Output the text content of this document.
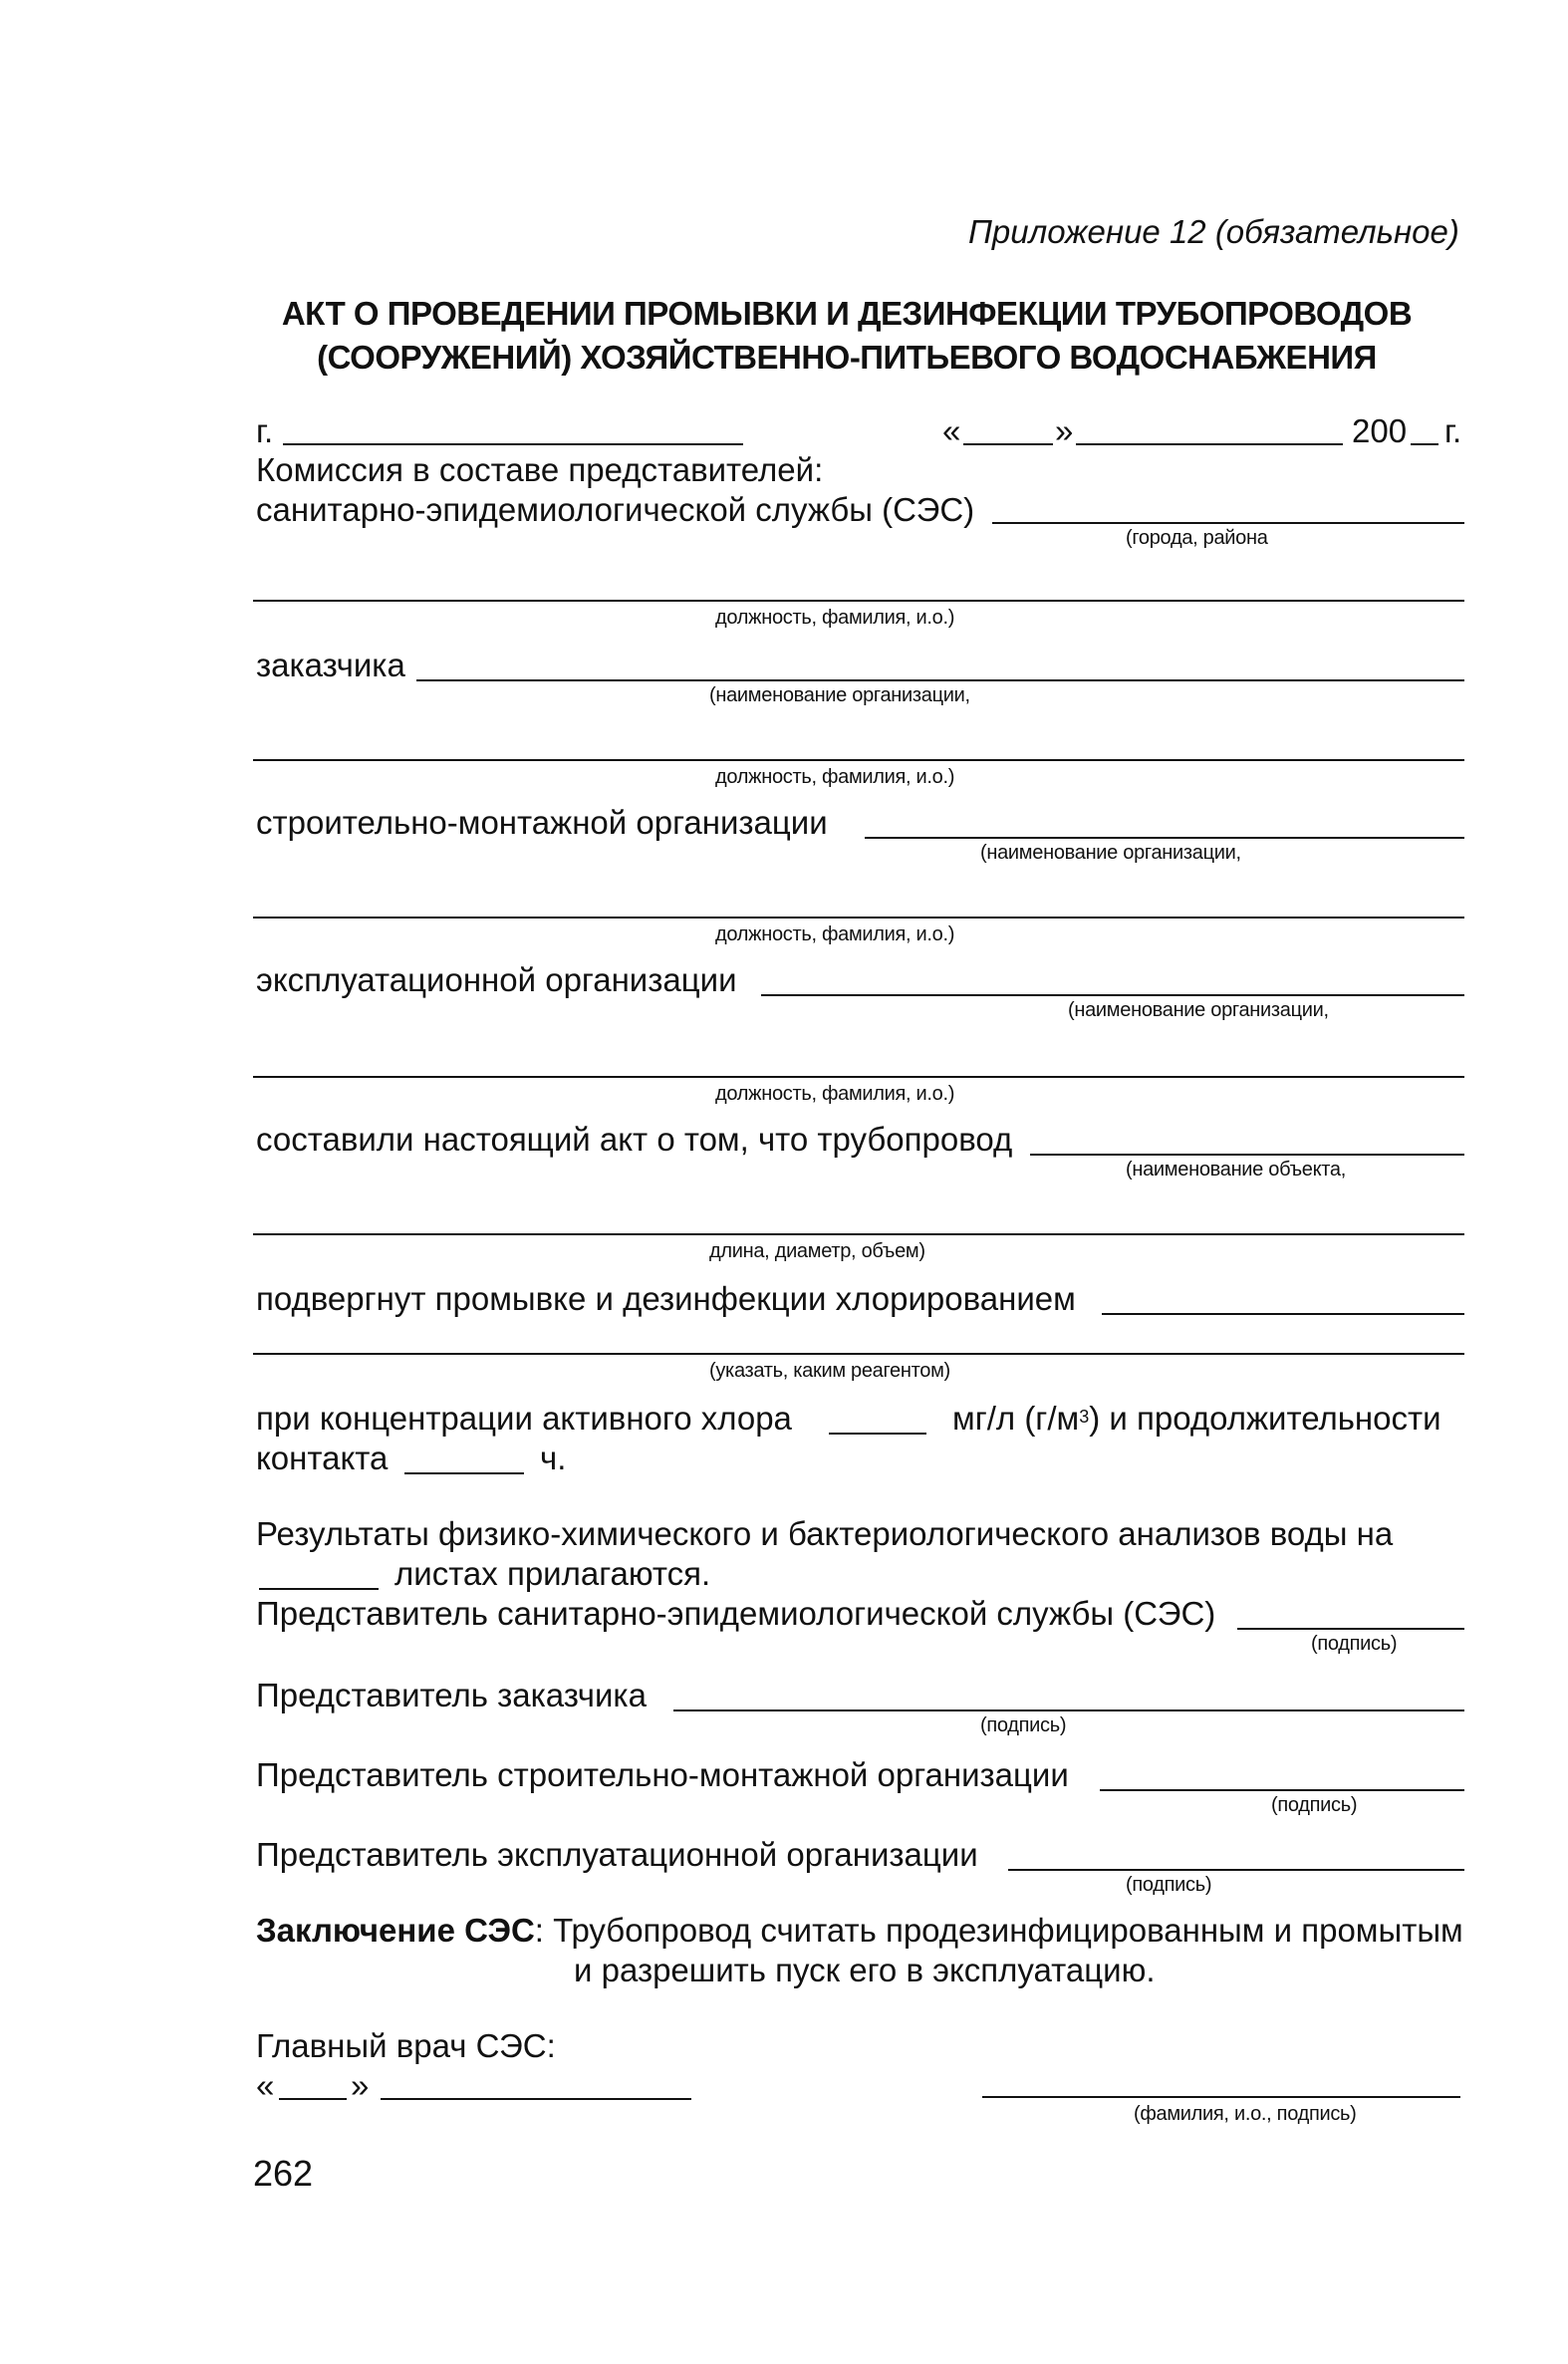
Приложение 12 (обязательное)
АКТ О ПРОВЕДЕНИИ ПРОМЫВКИ И ДЕЗИНФЕКЦИИ ТРУБОПРОВОДОВ
(СООРУЖЕНИЙ) ХОЗЯЙСТВЕННО-ПИТЬЕВОГО ВОДОСНАБЖЕНИЯ
г.	«	»	200 г.
Комиссия в составе представителей:
санитарно-эпидемиологической службы (СЭС)
(города, района
должность, фамилия, и.о.)
заказчика
(наименование организации,
должность, фамилия, и.о.)
строительно-монтажной организации
(наименование организации,
должность, фамилия, и.о.)
эксплуатационной организации
(наименование организации,
должность, фамилия, и.о.)
составили настоящий акт о том, что трубопровод
(наименование объекта,
длина, диаметр, объем)
подвергнут промывке и дезинфекции хлорированием
(указать, каким реагентом)
при концентрации активного хлора	мг/л $(г/м^3)$ и продолжительности
контакта	ч.
Результаты физико-химического и бактериологического анализов воды на
листах прилагаются.
Представитель санитарно-эпидемиологической службы (СЭС)
(подпись)
Представитель заказчика
(подпись)
Представитель строительно-монтажной организации
(подпись)
Представитель эксплуатационной организации
(подпись)
Заключение СЭС: Трубопровод считать продезинфицированным и промытым
и разрешить пуск его в эксплуатацию.
Главный врач СЭС:
« »
(фамилия, и.о., подпись)
262
